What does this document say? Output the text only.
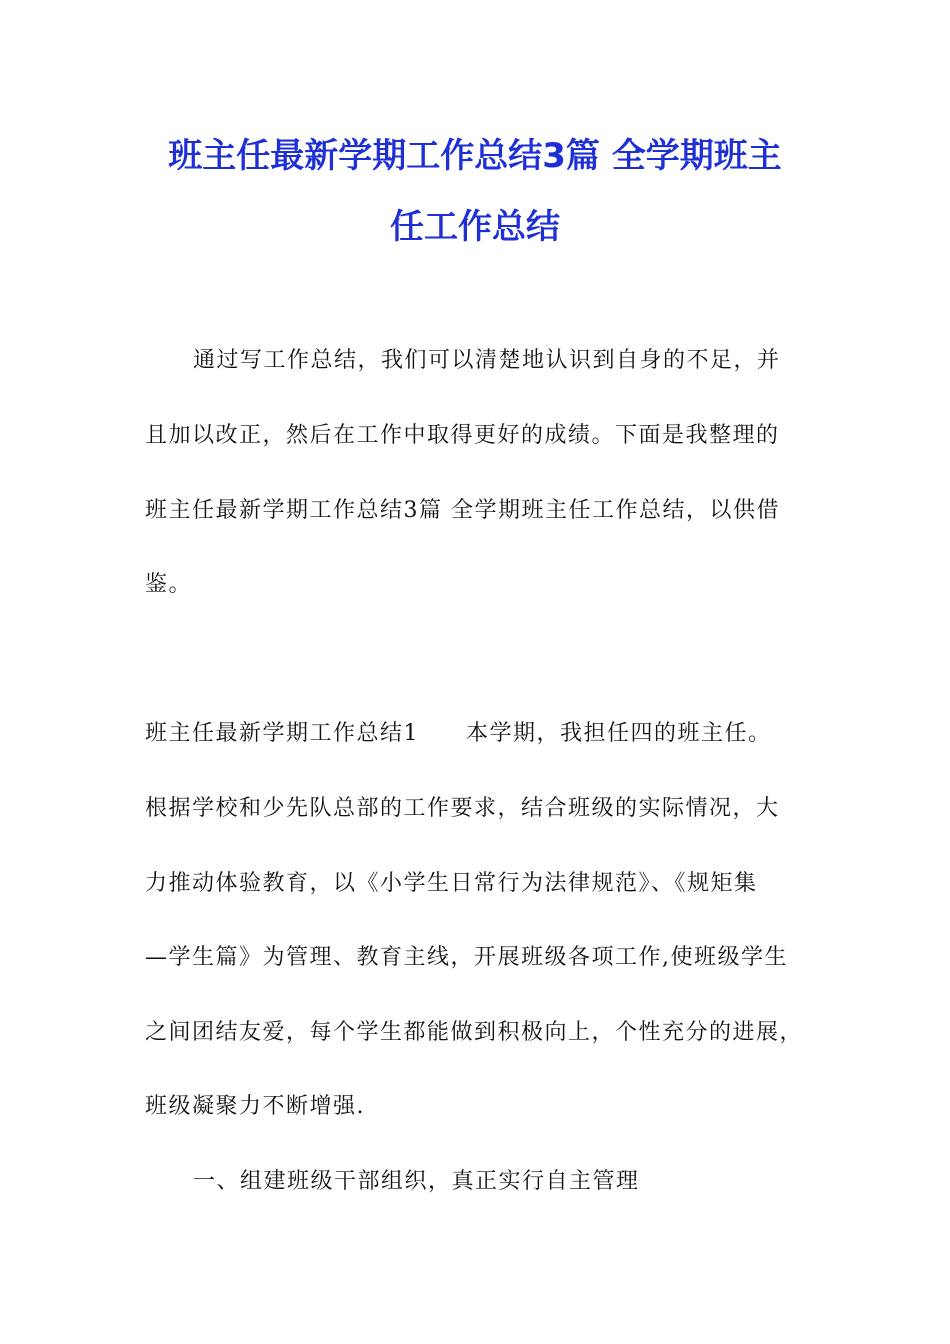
班主任最新学期工作总结3篇 全学期班主
任工作总结
通过写工作总结，我们可以清楚地认识到自身的不足，并
且加以改正，然后在工作中取得更好的成绩。下面是我整理的
班主任最新学期工作总结3篇 全学期班主任工作总结，以供借
鉴。
班主任最新学期工作总结1　　本学期，我担任四的班主任。
根据学校和少先队总部的工作要求，结合班级的实际情况，大
力推动体验教育，以《小学生日常行为法律规范》、《规矩集
—学生篇》为管理、教育主线，开展班级各项工作,使班级学生
之间团结友爱，每个学生都能做到积极向上，个性充分的进展，
班级凝聚力不断增强.
一、组建班级干部组织，真正实行自主管理
